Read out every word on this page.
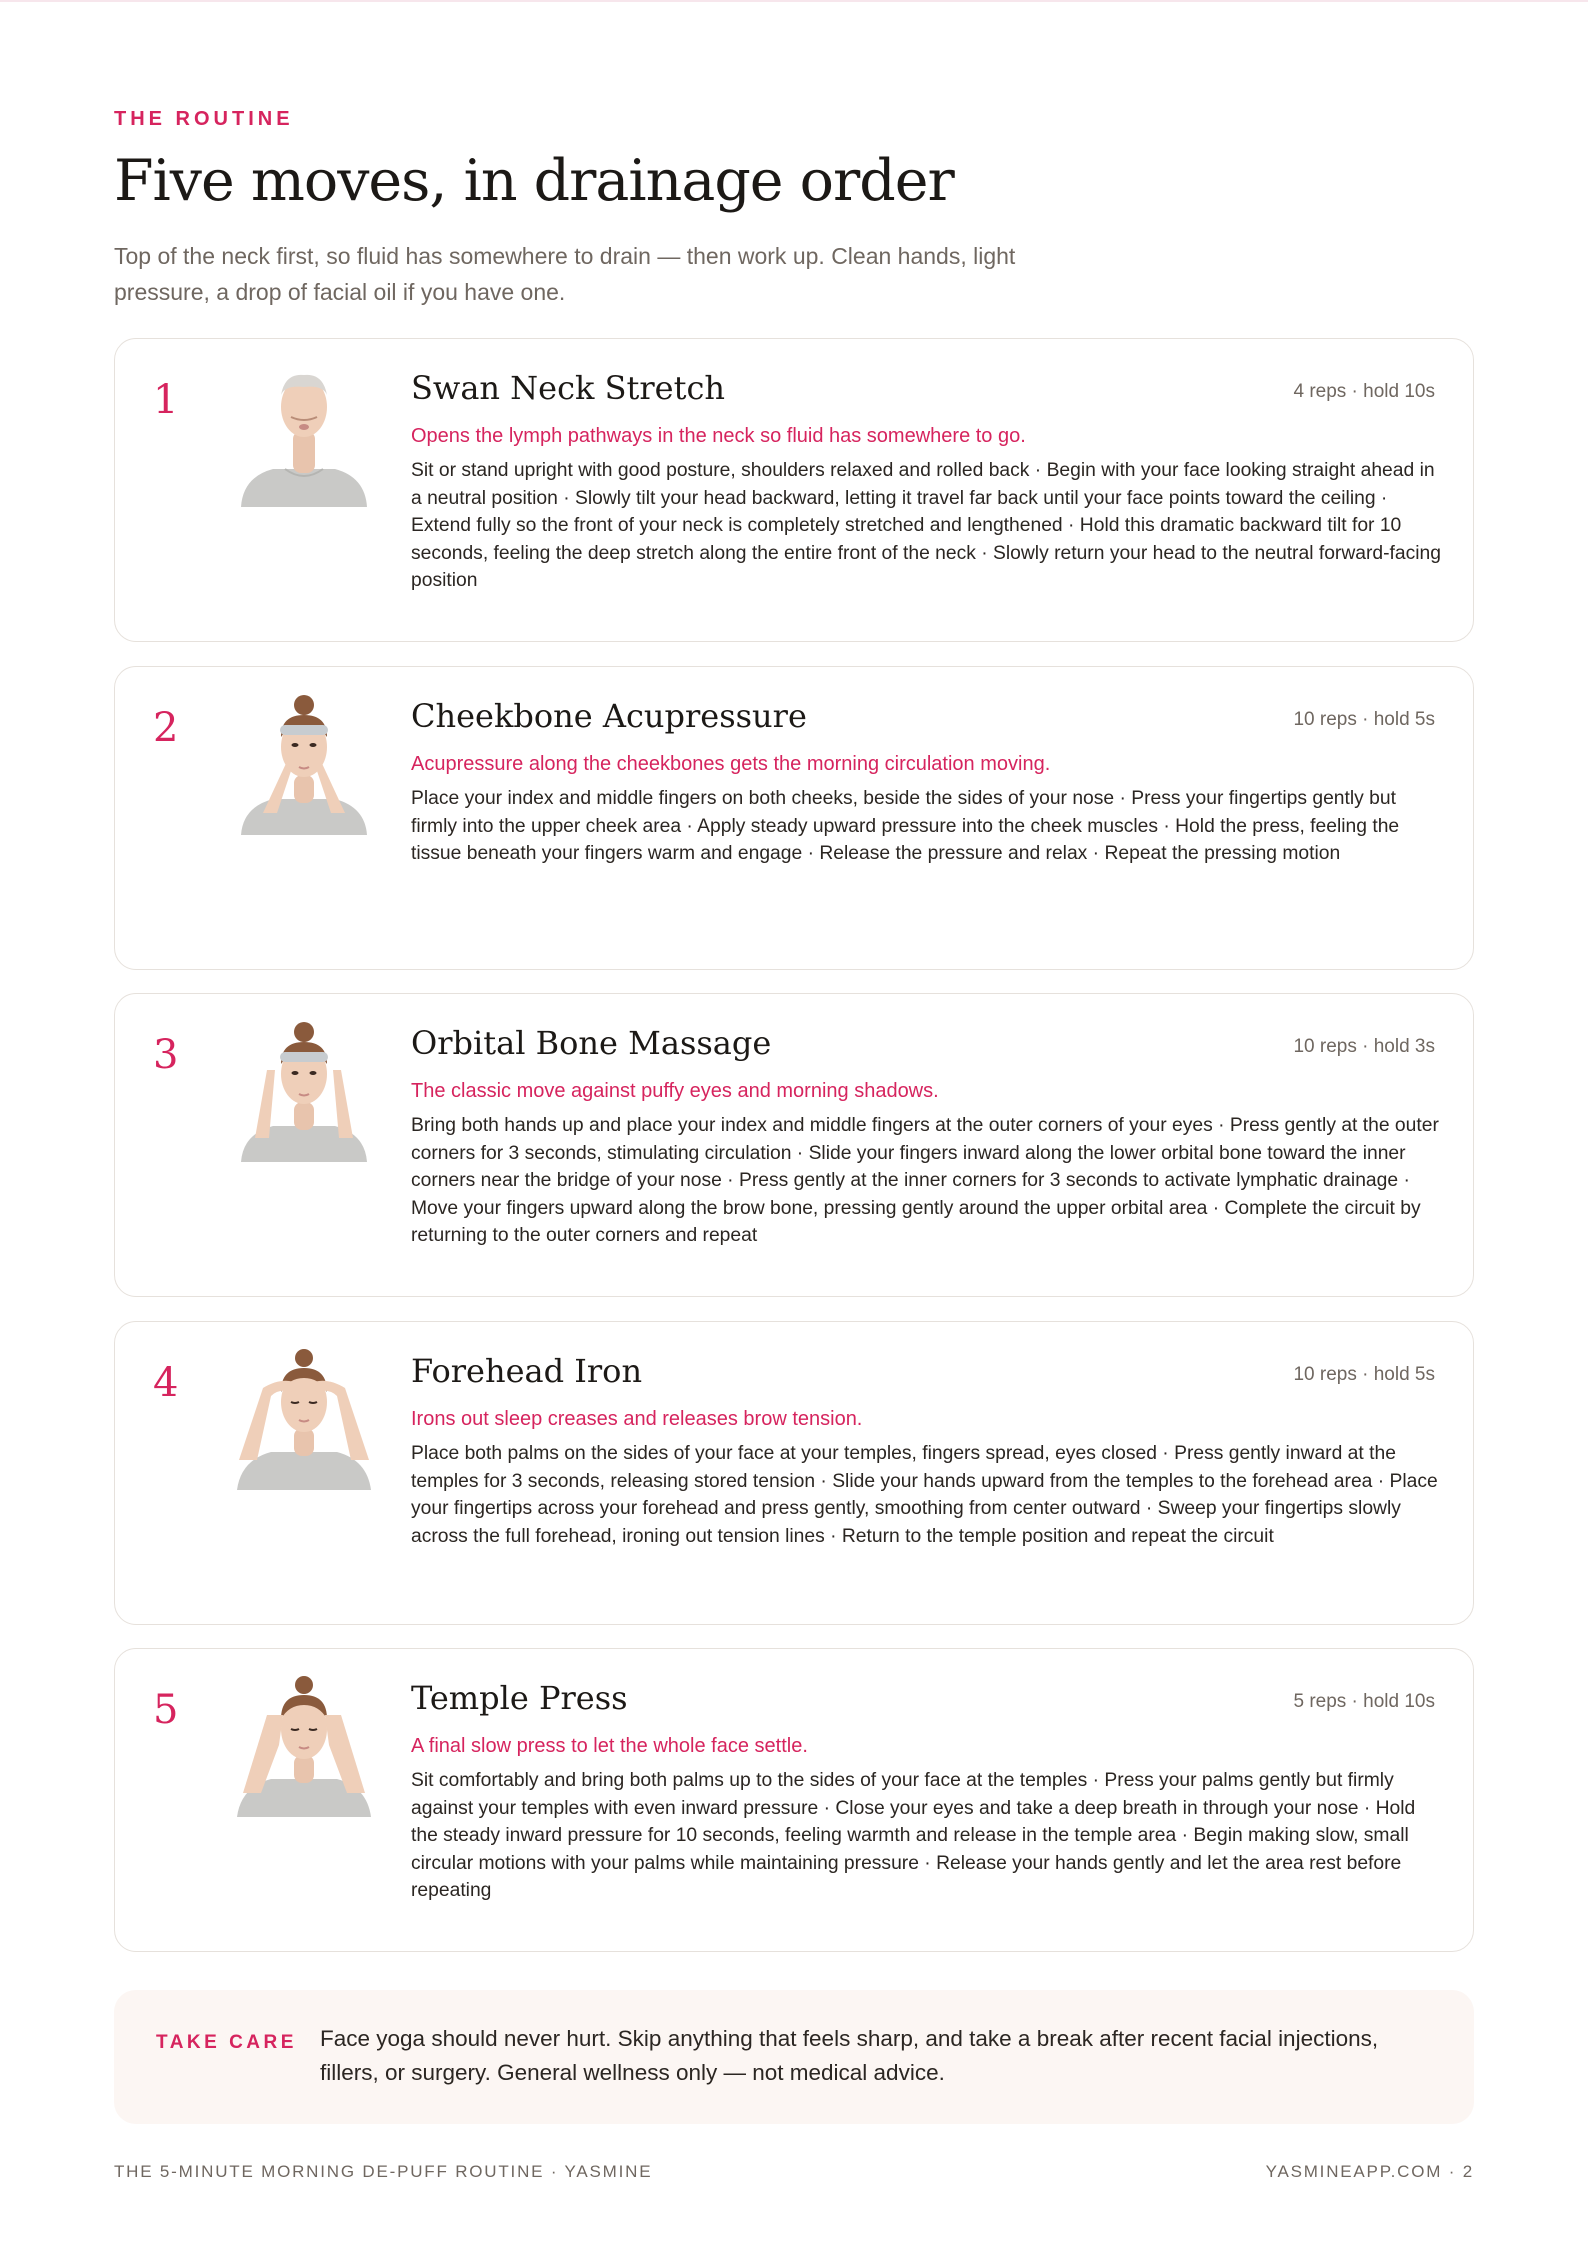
THE ROUTINE
Five moves, in drainage order

Top of the neck first, so fluid has somewhere to drain — then work up. Clean hands, light pressure, a drop of facial oil if you have one.

1	Swan Neck Stretch	4 reps · hold 10s
Opens the lymph pathways in the neck so fluid has somewhere to go.
Sit or stand upright with good posture, shoulders relaxed and rolled back · Begin with your face looking straight ahead in a neutral position · Slowly tilt your head backward, letting it travel far back until your face points toward the ceiling · Extend fully so the front of your neck is completely stretched and lengthened · Hold this dramatic backward tilt for 10 seconds, feeling the deep stretch along the entire front of the neck · Slowly return your head to the neutral forward-facing position
2	Cheekbone Acupressure	10 reps · hold 5s
Acupressure along the cheekbones gets the morning circulation moving.
Place your index and middle fingers on both cheeks, beside the sides of your nose · Press your fingertips gently but firmly into the upper cheek area · Apply steady upward pressure into the cheek muscles · Hold the press, feeling the tissue beneath your fingers warm and engage · Release the pressure and relax · Repeat the pressing motion
3	Orbital Bone Massage	10 reps · hold 3s
The classic move against puffy eyes and morning shadows.
Bring both hands up and place your index and middle fingers at the outer corners of your eyes · Press gently at the outer corners for 3 seconds, stimulating circulation · Slide your fingers inward along the lower orbital bone toward the inner corners near the bridge of your nose · Press gently at the inner corners for 3 seconds to activate lymphatic drainage · Move your fingers upward along the brow bone, pressing gently around the upper orbital area · Complete the circuit by returning to the outer corners and repeat
4	Forehead Iron	10 reps · hold 5s
Irons out sleep creases and releases brow tension.
Place both palms on the sides of your face at your temples, fingers spread, eyes closed · Press gently inward at the temples for 3 seconds, releasing stored tension · Slide your hands upward from the temples to the forehead area · Place your fingertips across your forehead and press gently, smoothing from center outward · Sweep your fingertips slowly across the full forehead, ironing out tension lines · Return to the temple position and repeat the circuit
5	Temple Press	5 reps · hold 10s
A final slow press to let the whole face settle.
Sit comfortably and bring both palms up to the sides of your face at the temples · Press your palms gently but firmly against your temples with even inward pressure · Close your eyes and take a deep breath in through your nose · Hold the steady inward pressure for 10 seconds, feeling warmth and release in the temple area · Begin making slow, small circular motions with your palms while maintaining pressure · Release your hands gently and let the area rest before repeating
TAKE CARE Face yoga should never hurt. Skip anything that feels sharp, and take a break after recent facial injections, fillers, or surgery. General wellness only — not medical advice.
THE 5-MINUTE MORNING DE-PUFF ROUTINE · YASMINE	YASMINEAPP.COM · 2
